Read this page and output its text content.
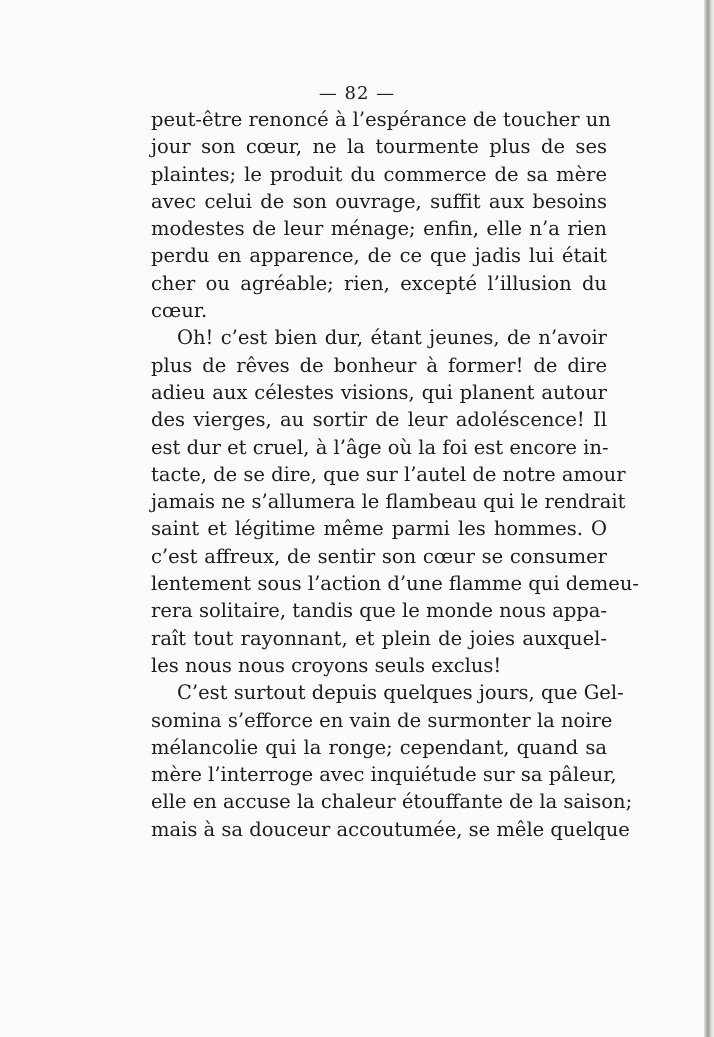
— 82 —
peut-être renoncé à l’espérance de toucher un
jour son cœur, ne la tourmente plus de ses
plaintes; le produit du commerce de sa mère
avec celui de son ouvrage, suffit aux besoins
modestes de leur ménage; enfin, elle n’a rien
perdu en apparence, de ce que jadis lui était
cher ou agréable; rien, excepté l’illusion du
cœur.
Oh! c’est bien dur, étant jeunes, de n’avoir
plus de rêves de bonheur à former! de dire
adieu aux célestes visions, qui planent autour
des vierges, au sortir de leur adoléscence! Il
est dur et cruel, à l’âge où la foi est encore in-
tacte, de se dire, que sur l’autel de notre amour
jamais ne s’allumera le flambeau qui le rendrait
saint et légitime même parmi les hommes. O
c’est affreux, de sentir son cœur se consumer
lentement sous l’action d’une flamme qui demeu-
rera solitaire, tandis que le monde nous appa-
raît tout rayonnant, et plein de joies auxquel-
les nous nous croyons seuls exclus!
C’est surtout depuis quelques jours, que Gel-
somina s’efforce en vain de surmonter la noire
mélancolie qui la ronge; cependant, quand sa
mère l’interroge avec inquiétude sur sa pâleur,
elle en accuse la chaleur étouffante de la saison;
mais à sa douceur accoutumée, se mêle quelque
